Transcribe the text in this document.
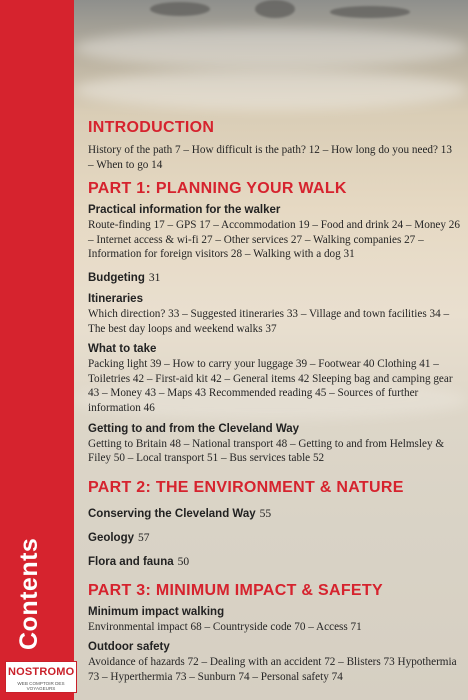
Contents
NOSTROMO
WEB COMPTOIR DES VOYAGEURS
INTRODUCTION

History of the path 7 – How difficult is the path? 12 – How long do you need? 13 – When to go 14

PART 1: PLANNING YOUR WALK

Practical information for the walker

Route-finding 17 – GPS 17 – Accommodation 19 – Food and drink 24 – Money 26 – Internet access & wi-fi 27 – Other services 27 – Walking companies 27 – Information for foreign visitors 28 – Walking with a dog 31

Budgeting 31

Itineraries

Which direction? 33 – Suggested itineraries 33 – Village and town facilities 34 – The best day loops and weekend walks 37

What to take

Packing light 39 – How to carry your luggage 39 – Footwear 40 Clothing 41 – Toiletries 42 – First-aid kit 42 – General items 42 Sleeping bag and camping gear 43 – Money 43 – Maps 43 Recommended reading 45 – Sources of further information 46

Getting to and from the Cleveland Way

Getting to Britain 48 – National transport 48 – Getting to and from Helmsley & Filey 50 – Local transport 51 – Bus services table 52

PART 2: THE ENVIRONMENT & NATURE
Conserving the Cleveland Way 55
Geology 57
Flora and fauna 50
PART 3: MINIMUM IMPACT & SAFETY

Minimum impact walking

Environmental impact 68 – Countryside code 70 – Access 71

Outdoor safety

Avoidance of hazards 72 – Dealing with an accident 72 – Blisters 73 Hypothermia 73 – Hyperthermia 73 – Sunburn 74 – Personal safety 74
